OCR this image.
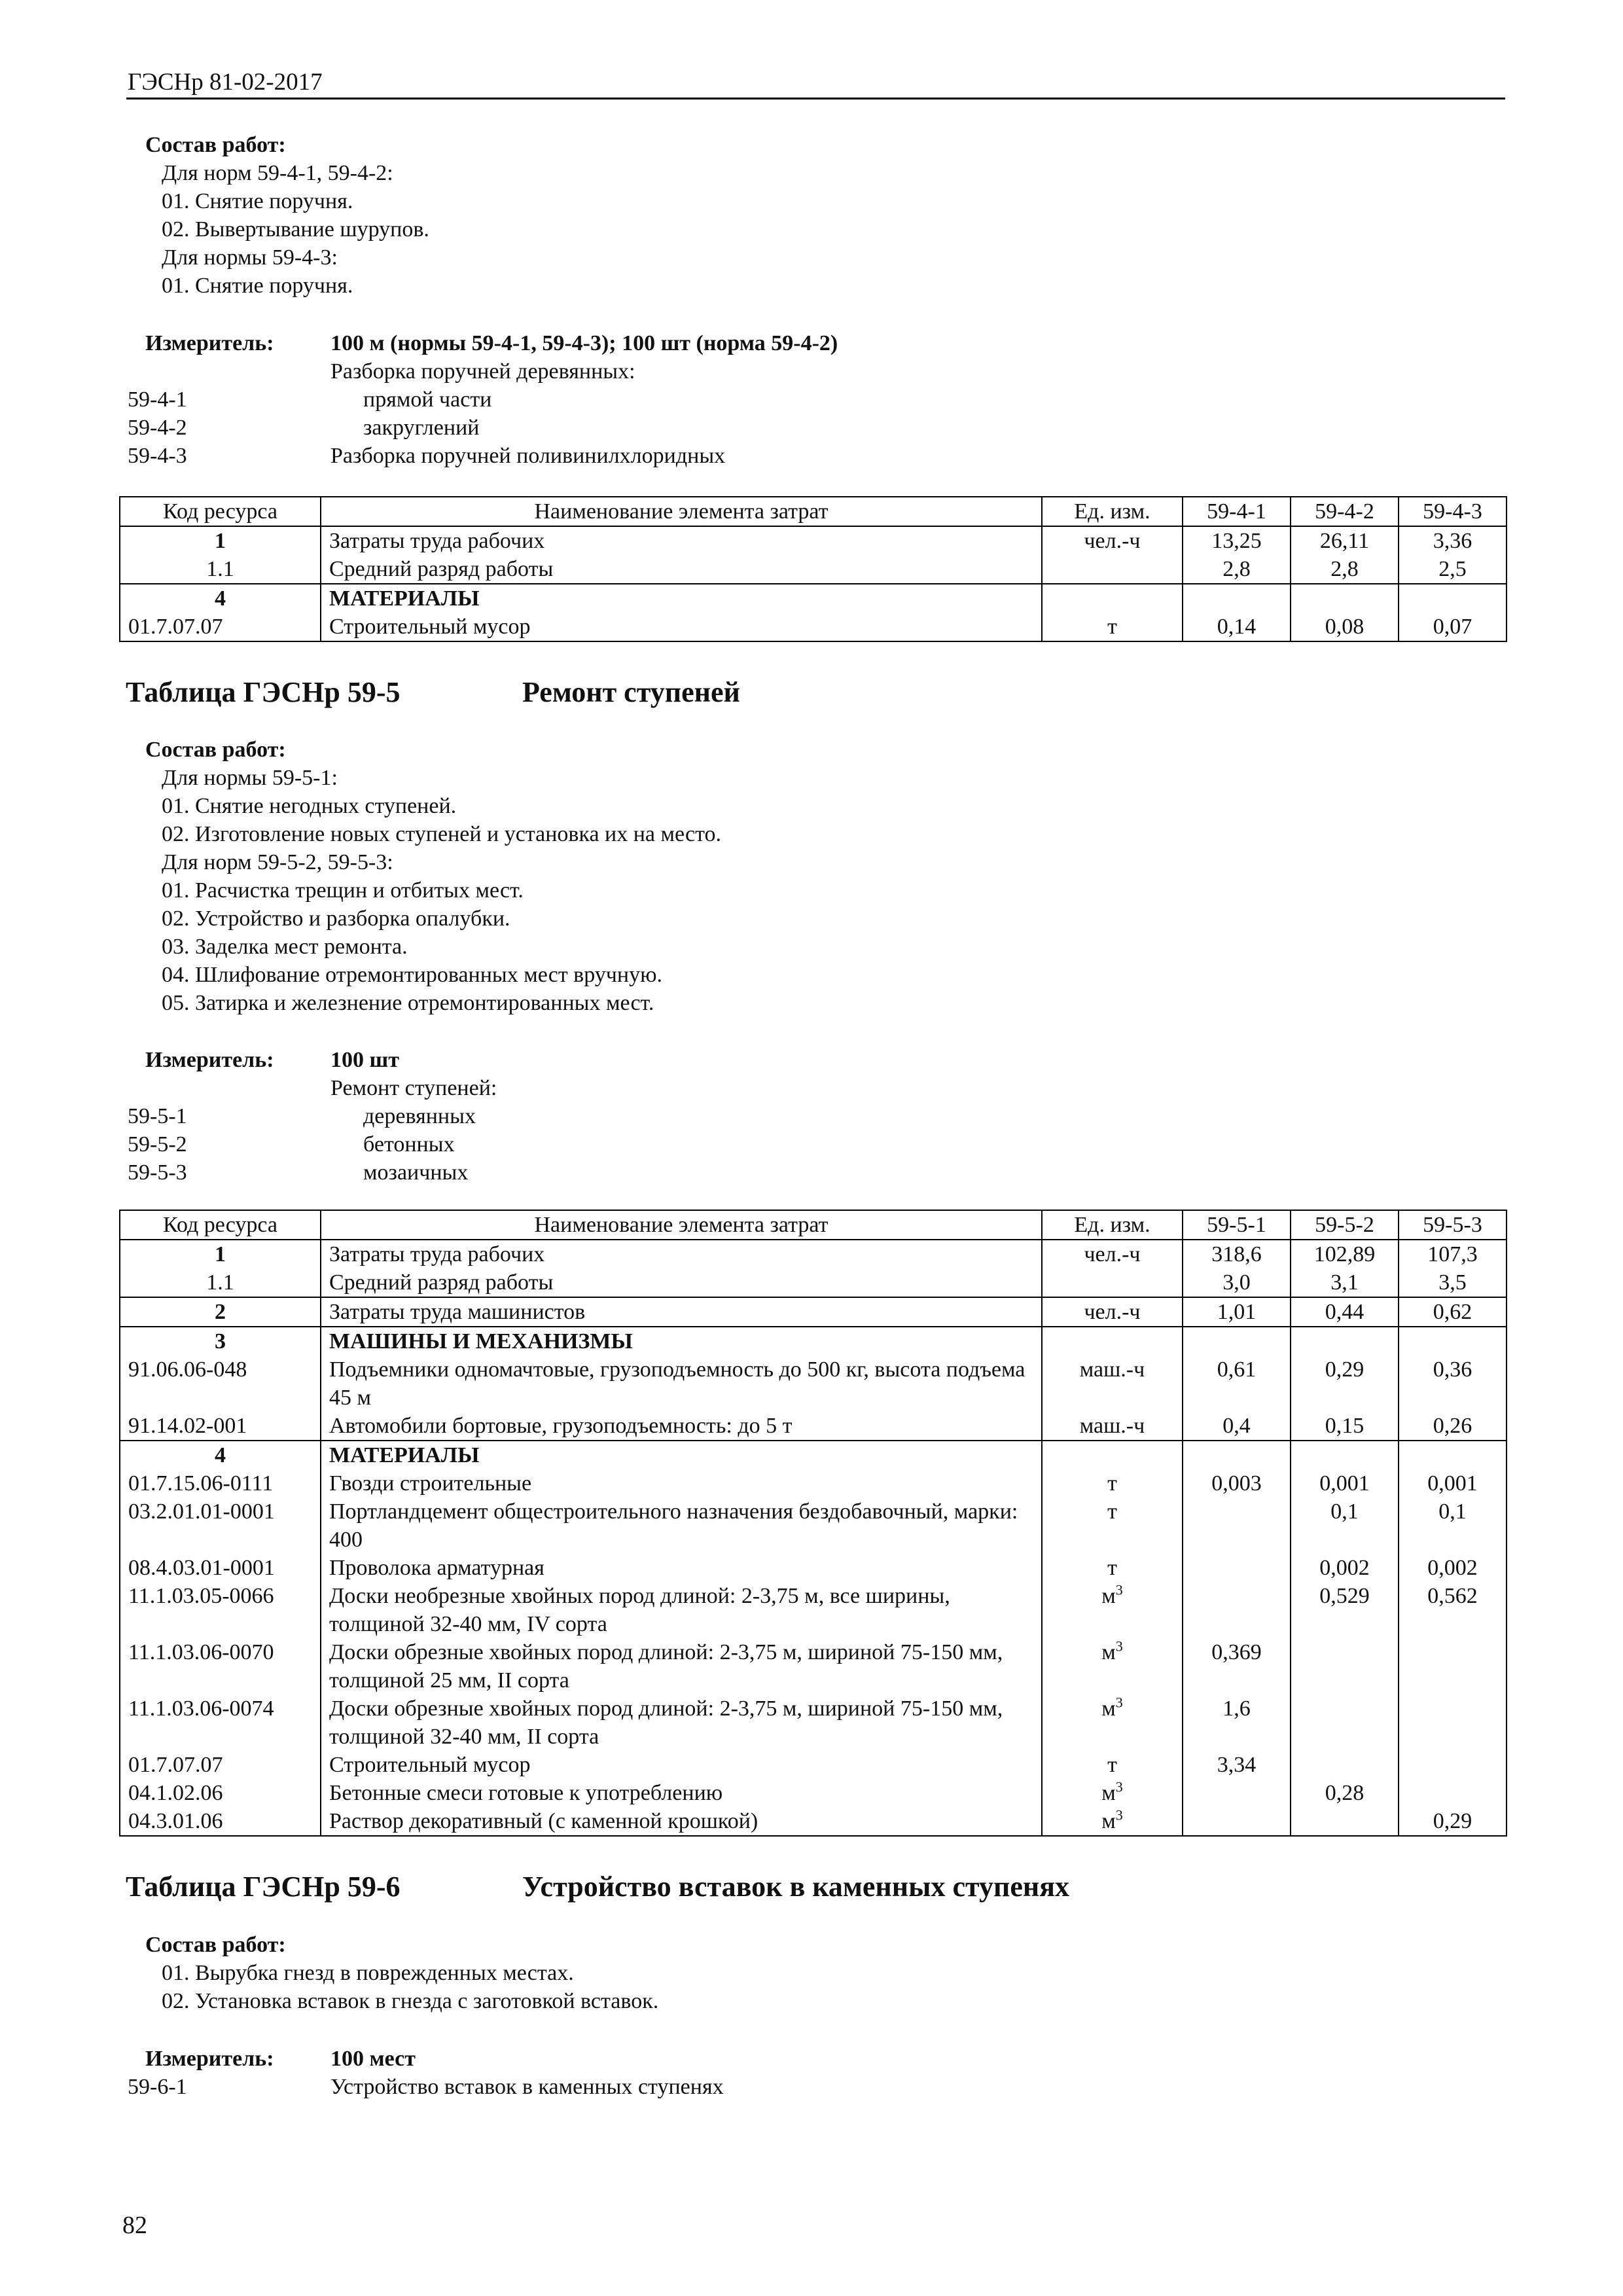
ГЭСНр 81-02-2017
Состав работ:
Для норм 59-4-1, 59-4-2:
01. Снятие поручня.
02. Вывертывание шурупов.
Для нормы 59-4-3:
01. Снятие поручня.
Измеритель:	100 м (нормы 59-4-1, 59-4-3); 100 шт (норма 59-4-2)
Разборка поручней деревянных:
59-4-1	прямой части
59-4-2	закруглений
59-4-3	Разборка поручней поливинилхлоридных
Код ресурса	Наименование элемента затрат	Ед. изм.	59-4-1	59-4-2	59-4-3
1	Затраты труда рабочих	чел.-ч	13,25	26,11	3,36
1.1	Средний разряд работы		2,8	2,8	2,5
4	МАТЕРИАЛЫ				
01.7.07.07	Строительный мусор	т	0,14	0,08	0,07
Таблица ГЭСНр 59-5	Ремонт ступеней
Состав работ:
Для нормы 59-5-1:
01. Снятие негодных ступеней.
02. Изготовление новых ступеней и установка их на место.
Для норм 59-5-2, 59-5-3:
01. Расчистка трещин и отбитых мест.
02. Устройство и разборка опалубки.
03. Заделка мест ремонта.
04. Шлифование отремонтированных мест вручную.
05. Затирка и железнение отремонтированных мест.
Измеритель:	100 шт
Ремонт ступеней:
59-5-1	деревянных
59-5-2	бетонных
59-5-3	мозаичных
Код ресурса	Наименование элемента затрат	Ед. изм.	59-5-1	59-5-2	59-5-3
1	Затраты труда рабочих	чел.-ч	318,6	102,89	107,3
1.1	Средний разряд работы		3,0	3,1	3,5
2	Затраты труда машинистов	чел.-ч	1,01	0,44	0,62
3	МАШИНЫ И МЕХАНИЗМЫ				
91.06.06-048	Подъемники одномачтовые, грузоподъемность до 500 кг, высота подъема 45 м	маш.-ч	0,61	0,29	0,36
91.14.02-001	Автомобили бортовые, грузоподъемность: до 5 т	маш.-ч	0,4	0,15	0,26
4	МАТЕРИАЛЫ				
01.7.15.06-0111	Гвозди строительные	т	0,003	0,001	0,001
03.2.01.01-0001	Портландцемент общестроительного назначения бездобавочный, марки: 400	т		0,1	0,1
08.4.03.01-0001	Проволока арматурная	т		0,002	0,002
11.1.03.05-0066	Доски необрезные хвойных пород длиной: 2-3,75 м, все ширины, толщиной 32-40 мм, IV сорта	$м^3$		0,529	0,562
11.1.03.06-0070	Доски обрезные хвойных пород длиной: 2-3,75 м, шириной 75-150 мм, толщиной 25 мм, II сорта	$м^3$	0,369		
11.1.03.06-0074	Доски обрезные хвойных пород длиной: 2-3,75 м, шириной 75-150 мм, толщиной 32-40 мм, II сорта	$м^3$	1,6		
01.7.07.07	Строительный мусор	т	3,34		
04.1.02.06	Бетонные смеси готовые к употреблению	$м^3$		0,28	
04.3.01.06	Раствор декоративный (с каменной крошкой)	$м^3$			0,29
Таблица ГЭСНр 59-6	Устройство вставок в каменных ступенях
Состав работ:
01. Вырубка гнезд в поврежденных местах.
02. Установка вставок в гнезда с заготовкой вставок.
Измеритель:	100 мест
59-6-1	Устройство вставок в каменных ступенях
82
